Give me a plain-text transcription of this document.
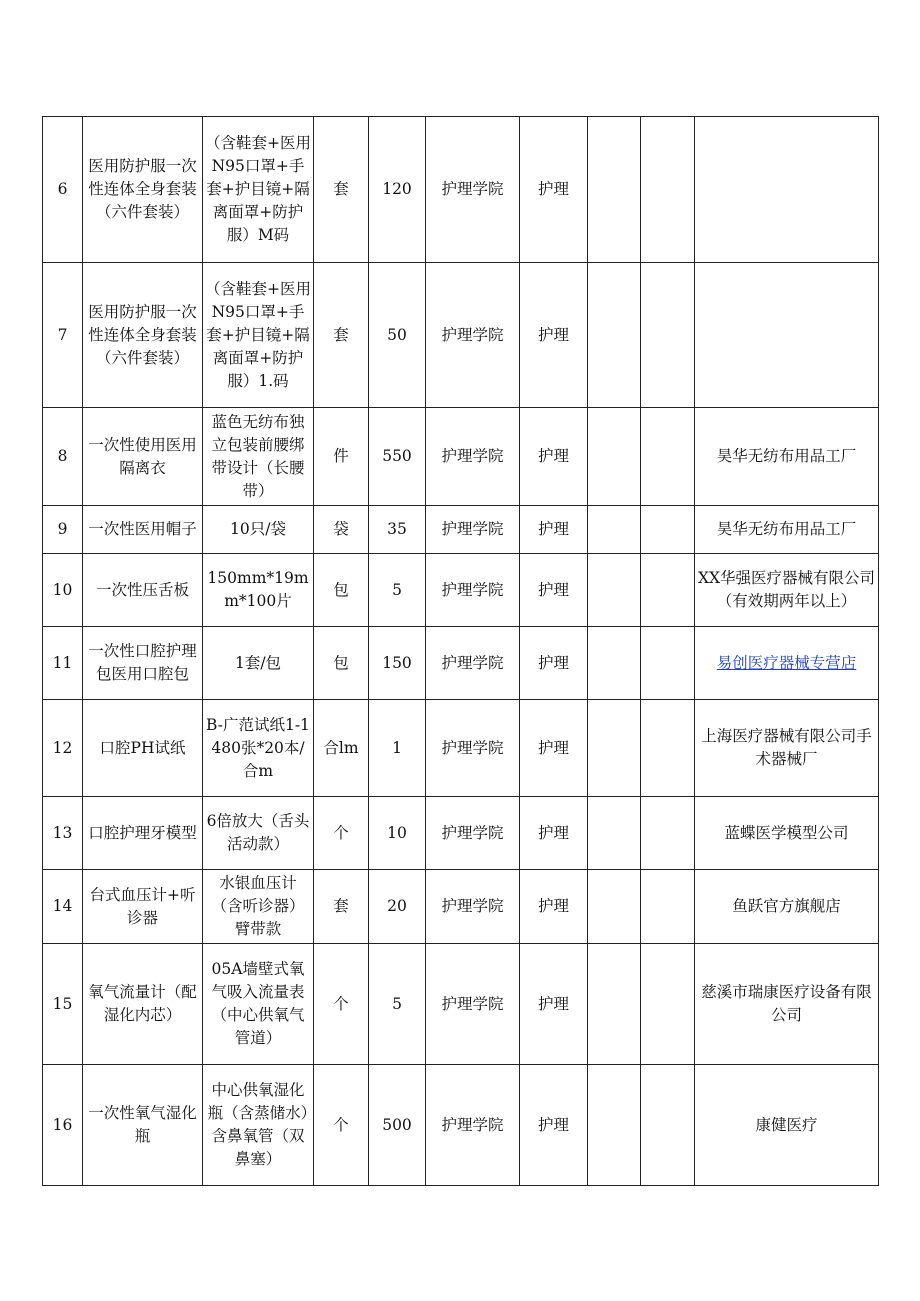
6	医用防护服一次性连体全身套装（六件套装）	（含鞋套+医用N95口罩+手套+护目镜+隔离面罩+防护服）M码	套	120	护理学院	护理			
7	医用防护服一次性连体全身套装（六件套装）	（含鞋套+医用N95口罩+手套+护目镜+隔离面罩+防护服）1.码	套	50	护理学院	护理			
8	一次性使用医用隔离衣	蓝色无纺布独立包装前腰绑带设计（长腰带）	件	550	护理学院	护理			昊华无纺布用品工厂
9	一次性医用帽子	10只/袋	袋	35	护理学院	护理			昊华无纺布用品工厂
10	一次性压舌板	150mm*19mm*100片	包	5	护理学院	护理			XX华强医疗器械有限公司（有效期两年以上）
11	一次性口腔护理包医用口腔包	1套/包	包	150	护理学院	护理			易创医疗器械专营店
12	口腔PH试纸	B-广范试纸1-1480张*20本/合m	合lm	1	护理学院	护理			上海医疗器械有限公司手术器械厂
13	口腔护理牙模型	6倍放大（舌头活动款）	个	10	护理学院	护理			蓝蝶医学模型公司
14	台式血压计+听诊器	水银血压计（含听诊器）臂带款	套	20	护理学院	护理			鱼跃官方旗舰店
15	氧气流量计（配湿化内芯）	05A墙壁式氧气吸入流量表（中心供氧气管道）	个	5	护理学院	护理			慈溪市瑞康医疗设备有限公司
16	一次性氧气湿化瓶	中心供氧湿化瓶（含蒸储水）含鼻氧管（双鼻塞）	个	500	护理学院	护理			康健医疗
